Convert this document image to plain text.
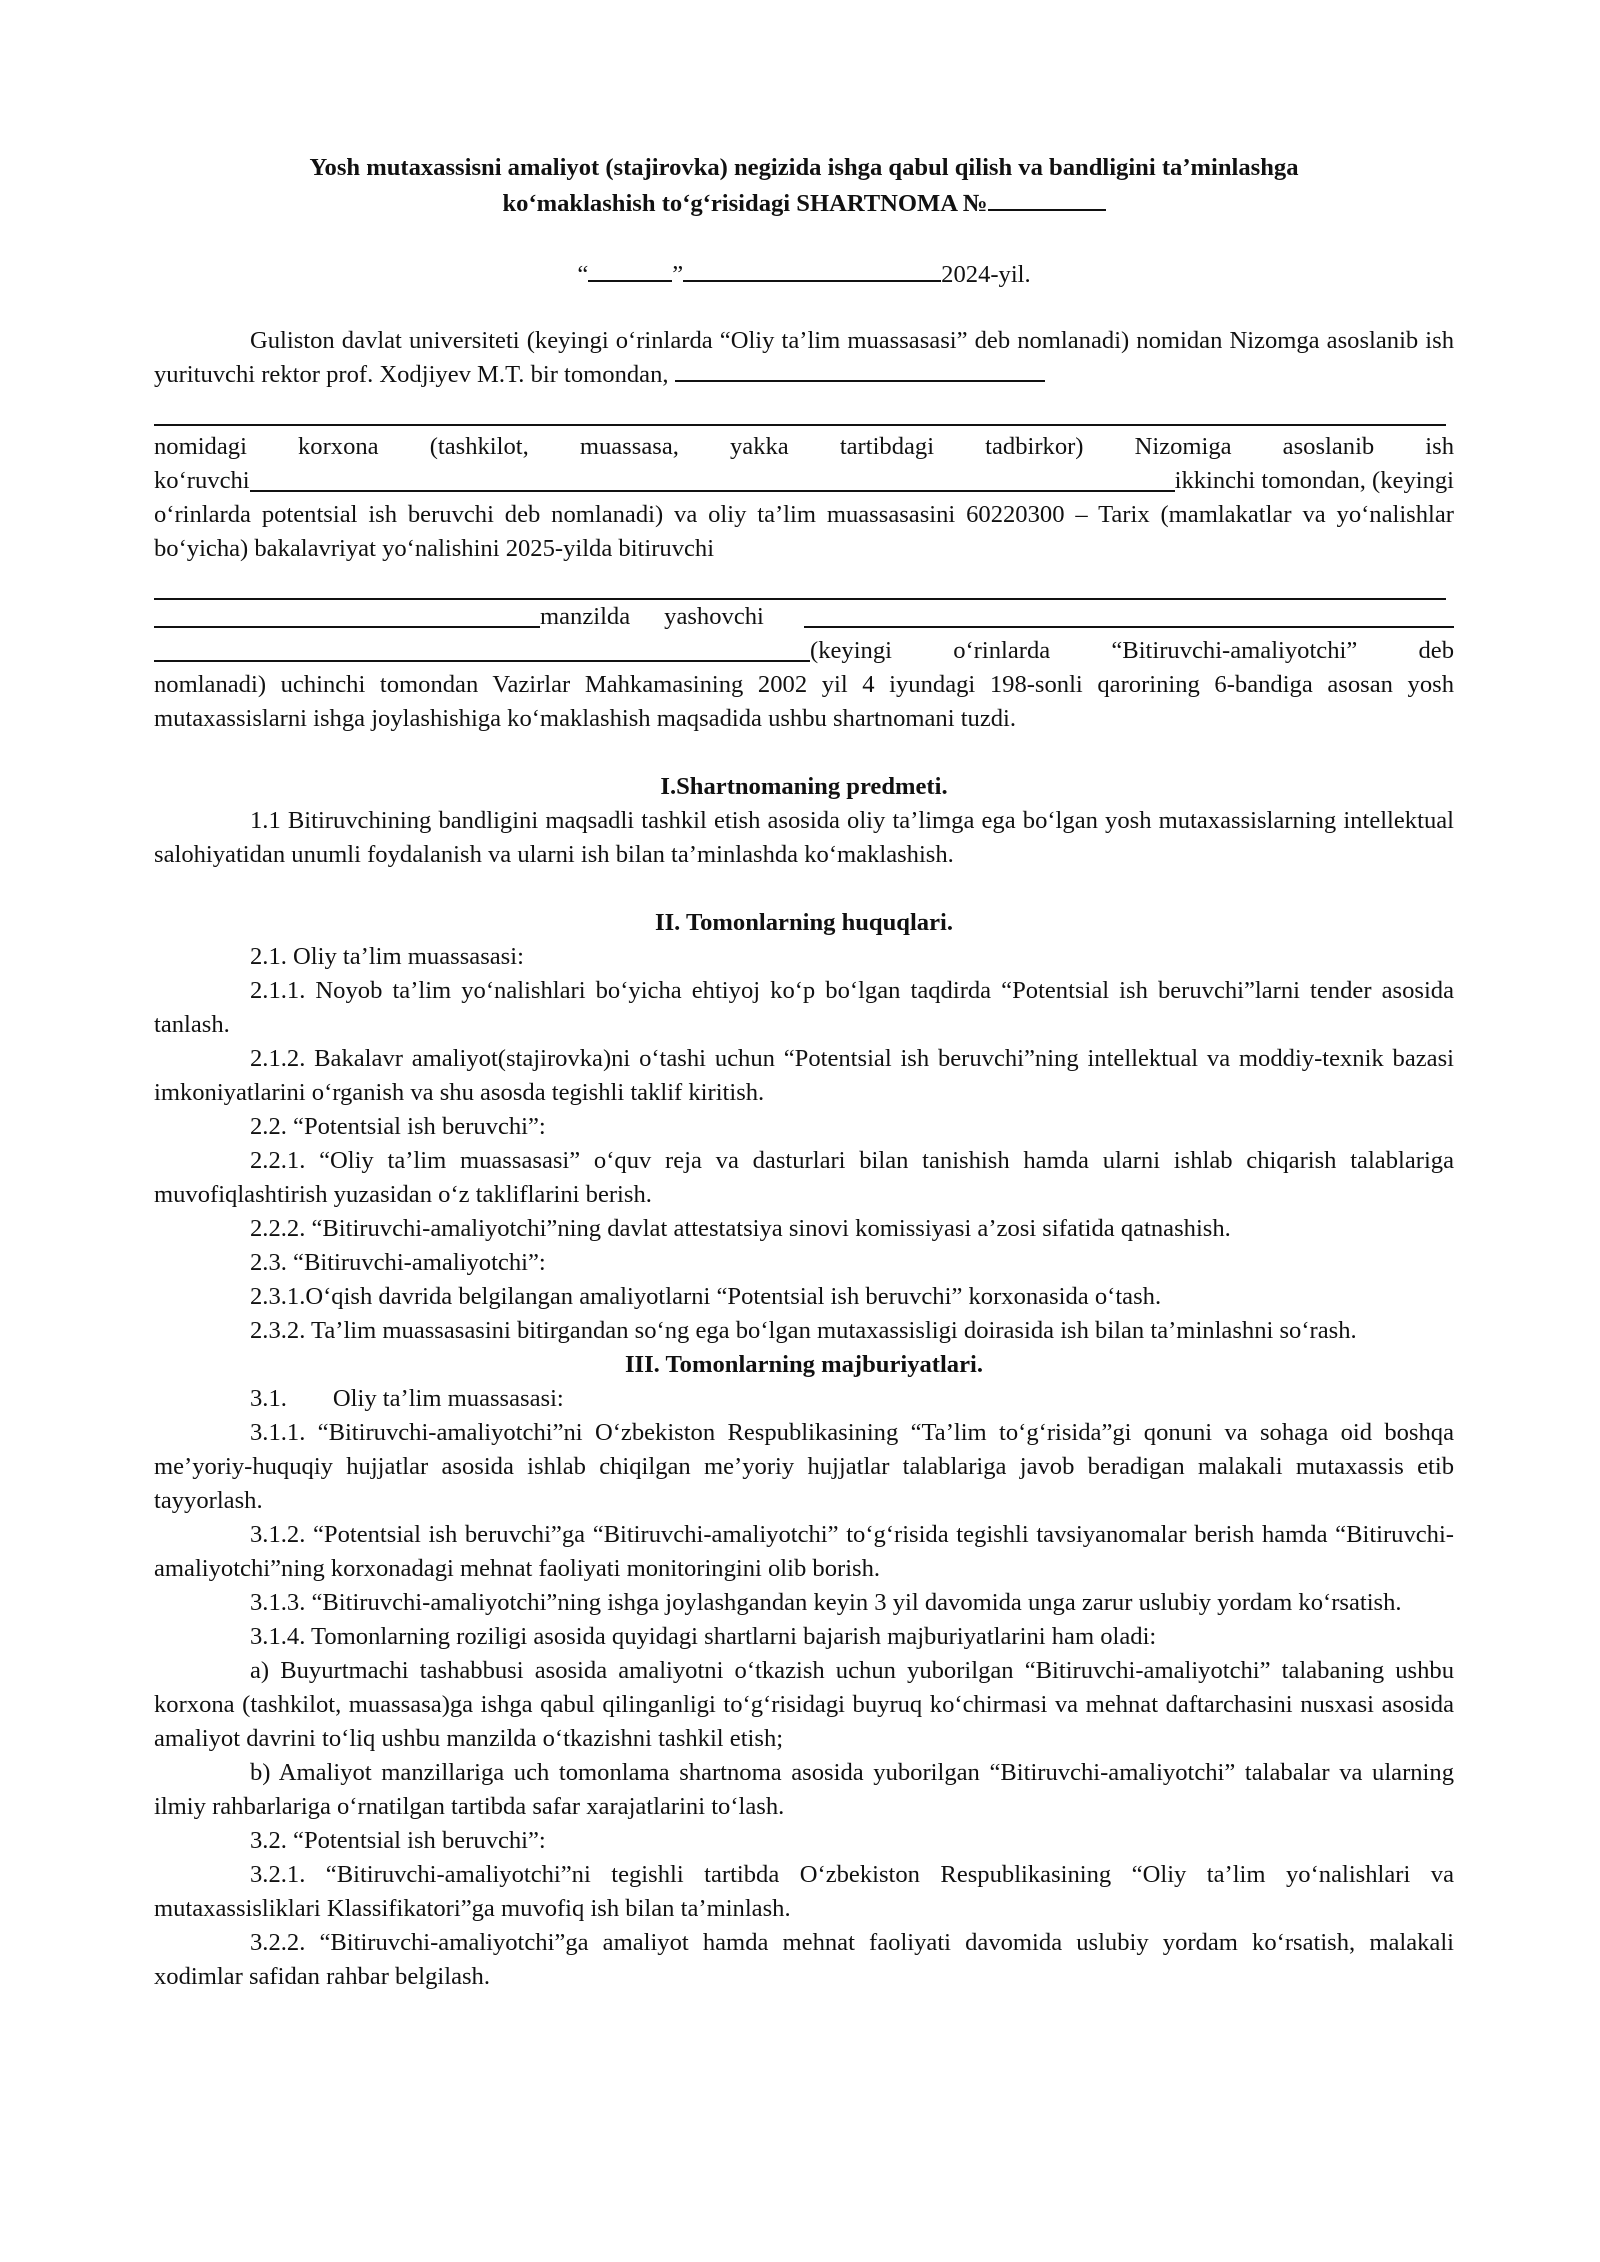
Yosh mutaxassisni amaliyot (stajirovka) negizida ishga qabul qilish va bandligini ta’minlashga
ko‘maklashish to‘g‘risidagi SHARTNOMA №
“	”	2024-yil.

Guliston davlat universiteti (keyingi o‘rinlarda “Oliy ta’lim muassasasi” deb nomlanadi) nomidan Nizomga asoslanib ish yurituvchi rektor prof. Xodjiyev M.T. bir tomondan,

nomidagi korxona (tashkilot, muassasa, yakka tartibdagi tadbirkor) Nizomiga asoslanib ish
ko‘ruvchi	ikkinchi tomondan, (keyingi

o‘rinlarda potentsial ish beruvchi deb nomlanadi) va oliy ta’lim muassasasini 60220300 – Tarix (mamlakatlar va yo‘nalishlar bo‘yicha) bakalavriyat yo‘nalishini 2025-yilda bitiruvchi

manzilda yashovchi
(keyingi o‘rinlarda “Bitiruvchi-amaliyotchi” deb

nomlanadi) uchinchi tomondan Vazirlar Mahkamasining 2002 yil 4 iyundagi 198-sonli qarorining 6-bandiga asosan yosh mutaxassislarni ishga joylashishiga ko‘maklashish maqsadida ushbu shartnomani tuzdi.

I.Shartnomaning predmeti.

1.1 Bitiruvchining bandligini maqsadli tashkil etish asosida oliy ta’limga ega bo‘lgan yosh mutaxassislarning intellektual salohiyatidan unumli foydalanish va ularni ish bilan ta’minlashda ko‘maklashish.

II. Tomonlarning huquqlari.

2.1. Oliy ta’lim muassasasi:

2.1.1. Noyob ta’lim yo‘nalishlari bo‘yicha ehtiyoj ko‘p bo‘lgan taqdirda “Potentsial ish beruvchi”larni tender asosida tanlash.

2.1.2. Bakalavr amaliyot(stajirovka)ni o‘tashi uchun “Potentsial ish beruvchi”ning intellektual va moddiy-texnik bazasi imkoniyatlarini o‘rganish va shu asosda tegishli taklif kiritish.

2.2. “Potentsial ish beruvchi”:

2.2.1. “Oliy ta’lim muassasasi” o‘quv reja va dasturlari bilan tanishish hamda ularni ishlab chiqarish talablariga muvofiqlashtirish yuzasidan o‘z takliflarini berish.

2.2.2. “Bitiruvchi-amaliyotchi”ning davlat attestatsiya sinovi komissiyasi a’zosi sifatida qatnashish.

2.3. “Bitiruvchi-amaliyotchi”:

2.3.1.O‘qish davrida belgilangan amaliyotlarni “Potentsial ish beruvchi” korxonasida o‘tash.

2.3.2. Ta’lim muassasasini bitirgandan so‘ng ega bo‘lgan mutaxassisligi doirasida ish bilan ta’minlashni so‘rash.

III. Tomonlarning majburiyatlari.

3.1. Oliy ta’lim muassasasi:

3.1.1. “Bitiruvchi-amaliyotchi”ni O‘zbekiston Respublikasining “Ta’lim to‘g‘risida”gi qonuni va sohaga oid boshqa me’yoriy-huquqiy hujjatlar asosida ishlab chiqilgan me’yoriy hujjatlar talablariga javob beradigan malakali mutaxassis etib tayyorlash.

3.1.2. “Potentsial ish beruvchi”ga “Bitiruvchi-amaliyotchi” to‘g‘risida tegishli tavsiyanomalar berish hamda “Bitiruvchi-amaliyotchi”ning korxonadagi mehnat faoliyati monitoringini olib borish.

3.1.3. “Bitiruvchi-amaliyotchi”ning ishga joylashgandan keyin 3 yil davomida unga zarur uslubiy yordam ko‘rsatish.

3.1.4. Tomonlarning roziligi asosida quyidagi shartlarni bajarish majburiyatlarini ham oladi:

a) Buyurtmachi tashabbusi asosida amaliyotni o‘tkazish uchun yuborilgan “Bitiruvchi-amaliyotchi” talabaning ushbu korxona (tashkilot, muassasa)ga ishga qabul qilinganligi to‘g‘risidagi buyruq ko‘chirmasi va mehnat daftarchasini nusxasi asosida amaliyot davrini to‘liq ushbu manzilda o‘tkazishni tashkil etish;

b) Amaliyot manzillariga uch tomonlama shartnoma asosida yuborilgan “Bitiruvchi-amaliyotchi” talabalar va ularning ilmiy rahbarlariga o‘rnatilgan tartibda safar xarajatlarini to‘lash.

3.2. “Potentsial ish beruvchi”:

3.2.1. “Bitiruvchi-amaliyotchi”ni tegishli tartibda O‘zbekiston Respublikasining “Oliy ta’lim yo‘nalishlari va mutaxassisliklari Klassifikatori”ga muvofiq ish bilan ta’minlash.

3.2.2. “Bitiruvchi-amaliyotchi”ga amaliyot hamda mehnat faoliyati davomida uslubiy yordam ko‘rsatish, malakali xodimlar safidan rahbar belgilash.
